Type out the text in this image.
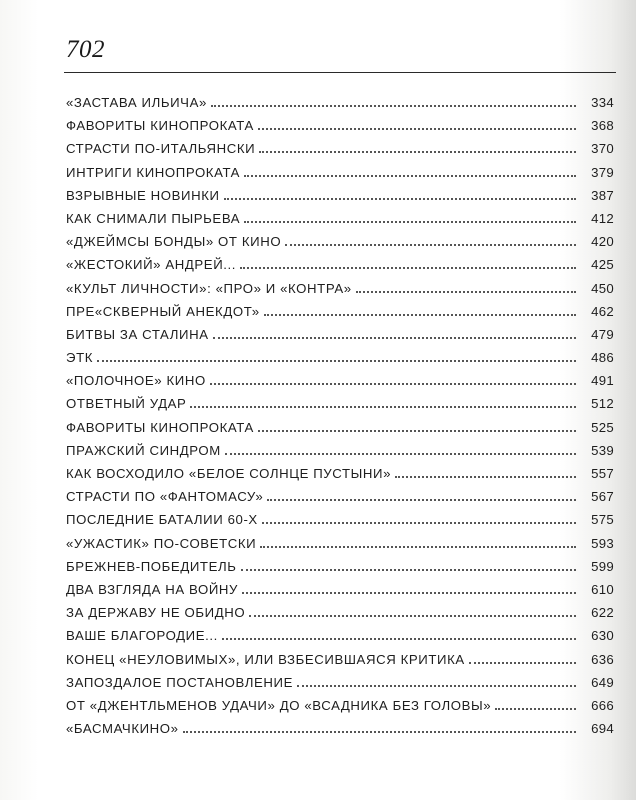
702
«ЗАСТАВА ИЛЬИЧА»	334
ФАВОРИТЫ КИНОПРОКАТА	368
СТРАСТИ ПО-ИТАЛЬЯНСКИ	370
ИНТРИГИ КИНОПРОКАТА	379
ВЗРЫВНЫЕ НОВИНКИ	387
КАК СНИМАЛИ ПЫРЬЕВА	412
«ДЖЕЙМСЫ БОНДЫ» ОТ КИНО	420
«ЖЕСТОКИЙ» АНДРЕЙ...	425
«КУЛЬТ ЛИЧНОСТИ»: «ПРО» И «КОНТРА»	450
ПРЕ«СКВЕРНЫЙ АНЕКДОТ»	462
БИТВЫ ЗА СТАЛИНА	479
ЭТК	486
«ПОЛОЧНОЕ» КИНО	491
ОТВЕТНЫЙ УДАР	512
ФАВОРИТЫ КИНОПРОКАТА	525
ПРАЖСКИЙ СИНДРОМ	539
КАК ВОСХОДИЛО «БЕЛОЕ СОЛНЦЕ ПУСТЫНИ»	557
СТРАСТИ ПО «ФАНТОМАСУ»	567
ПОСЛЕДНИЕ БАТАЛИИ 60-Х	575
«УЖАСТИК» ПО-СОВЕТСКИ	593
БРЕЖНЕВ-ПОБЕДИТЕЛЬ	599
ДВА ВЗГЛЯДА НА ВОЙНУ	610
ЗА ДЕРЖАВУ НЕ ОБИДНО	622
ВАШЕ БЛАГОРОДИЕ...	630
КОНЕЦ «НЕУЛОВИМЫХ», ИЛИ ВЗБЕСИВШАЯСЯ КРИТИКА	636
ЗАПОЗДАЛОЕ ПОСТАНОВЛЕНИЕ	649
ОТ «ДЖЕНТЛЬМЕНОВ УДАЧИ» ДО «ВСАДНИКА БЕЗ ГОЛОВЫ»	666
«БАСМАЧКИНО»	694
